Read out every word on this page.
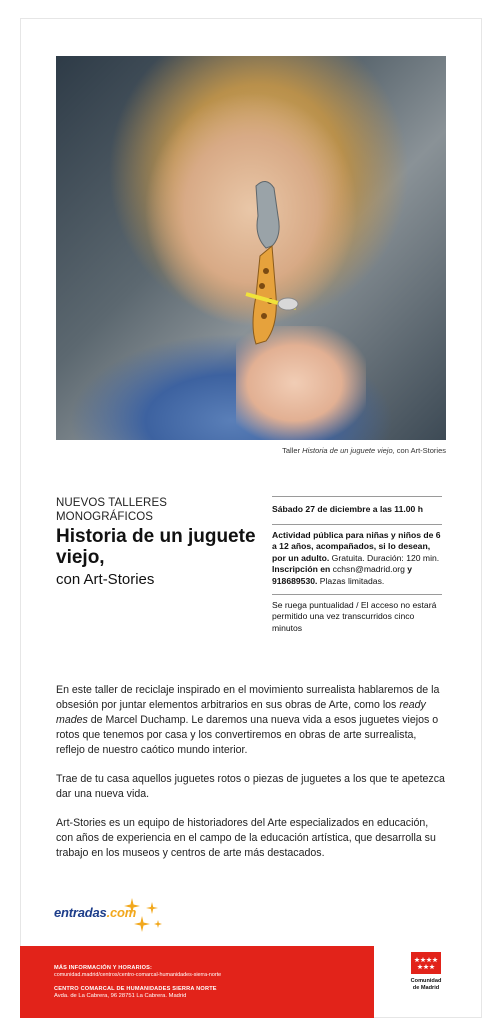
Taller Historia de un juguete viejo, con Art-Stories
NUEVOS TALLERES MONOGRÁFICOS
Historia de un juguete viejo,
con Art-Stories
Sábado 27 de diciembre a las 11.00 h
Actividad pública para niñas y niños de 6 a 12 años, acompañados, si lo desean, por un adulto. Gratuita. Duración: 120 min. Inscripción en cchsn@madrid.org y 918689530. Plazas limitadas.
Se ruega puntualidad / El acceso no estará permitido una vez transcurridos cinco minutos

En este taller de reciclaje inspirado en el movimiento surrealista hablaremos de la obsesión por juntar elementos arbitrarios en sus obras de Arte, como los ready mades de Marcel Duchamp. Le daremos una nueva vida a esos juguetes viejos o rotos que tenemos por casa y los convertiremos en obras de arte surrealista, reflejo de nuestro caótico mundo interior.

Trae de tu casa aquellos juguetes rotos o piezas de juguetes a los que te apetezca dar una nueva vida.

Art-Stories es un equipo de historiadores del Arte especializados en educación, con años de experiencia en el campo de la educación artística, que desarrolla su trabajo en los museos y centros de arte más destacados.

entradas.com
MÁS INFORMACIÓN Y HORARIOS:
comunidad.madrid/centros/centro-comarcal-humanidades-sierra-norte
CENTRO COMARCAL DE HUMANIDADES SIERRA NORTE
Avda. de La Cabrera, 96 28751 La Cabrera. Madrid
Comunidad
de Madrid
